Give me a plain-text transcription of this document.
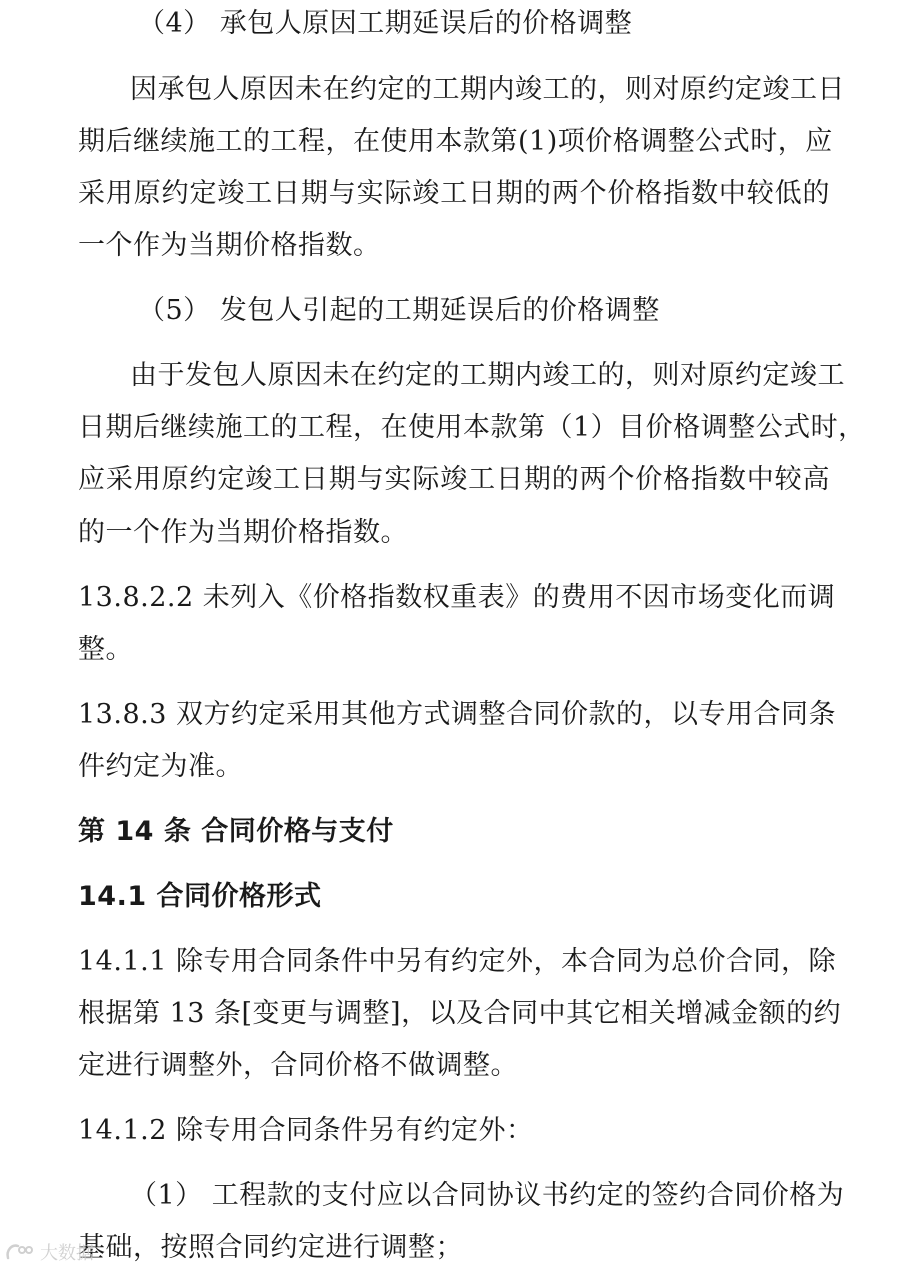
（4） 承包人原因工期延误后的价格调整
因承包人原因未在约定的工期内竣工的，则对原约定竣工日
期后继续施工的工程，在使用本款第(1)项价格调整公式时，应
采用原约定竣工日期与实际竣工日期的两个价格指数中较低的
一个作为当期价格指数。
（5） 发包人引起的工期延误后的价格调整
由于发包人原因未在约定的工期内竣工的，则对原约定竣工
日期后继续施工的工程，在使用本款第（1）目价格调整公式时，
应采用原约定竣工日期与实际竣工日期的两个价格指数中较高
的一个作为当期价格指数。
13.8.2.2 未列入《价格指数权重表》的费用不因市场变化而调
整。
13.8.3 双方约定采用其他方式调整合同价款的，以专用合同条
件约定为准。
第 14 条 合同价格与支付
14.1 合同价格形式
14.1.1 除专用合同条件中另有约定外，本合同为总价合同，除
根据第 13 条[变更与调整]，以及合同中其它相关增减金额的约
定进行调整外，合同价格不做调整。
14.1.2 除专用合同条件另有约定外：
（1） 工程款的支付应以合同协议书约定的签约合同价格为
基础，按照合同约定进行调整；
大数据
